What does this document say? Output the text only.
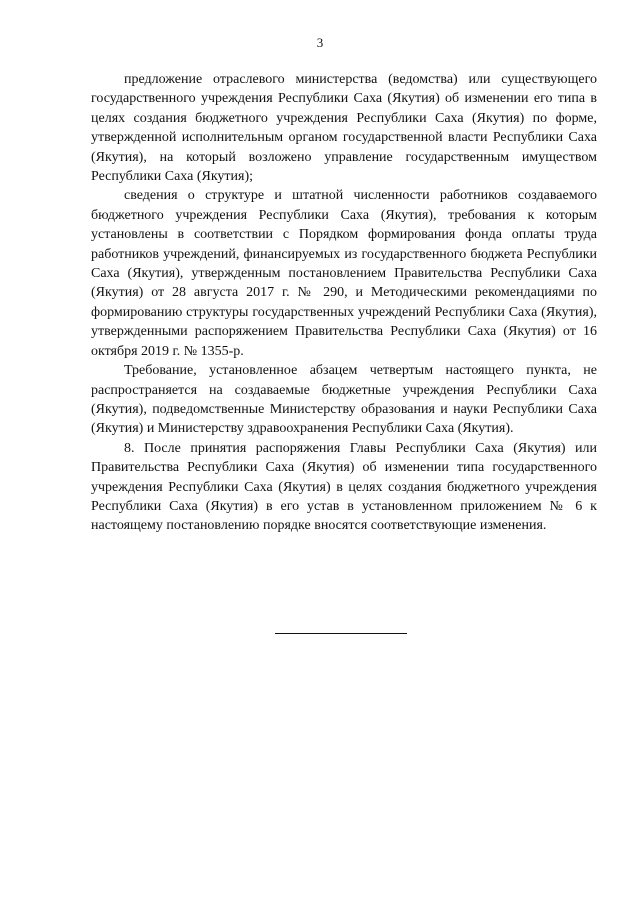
3

предложение отраслевого министерства (ведомства) или существующего государственного учреждения Республики Саха (Якутия) об изменении его типа в целях создания бюджетного учреждения Республики Саха (Якутия) по форме, утвержденной исполнительным органом государственной власти Республики Саха (Якутия), на который возложено управление государственным имуществом Республики Саха (Якутия);

сведения о структуре и штатной численности работников создаваемого бюджетного учреждения Республики Саха (Якутия), требования к которым установлены в соответствии с Порядком формирования фонда оплаты труда работников учреждений, финансируемых из государственного бюджета Республики Саха (Якутия), утвержденным постановлением Правительства Республики Саха (Якутия) от 28 августа 2017 г. № 290, и Методическими рекомендациями по формированию структуры государственных учреждений Республики Саха (Якутия), утвержденными распоряжением Правительства Республики Саха (Якутия) от 16 октября 2019 г. № 1355-р.

Требование, установленное абзацем четвертым настоящего пункта, не распространяется на создаваемые бюджетные учреждения Республики Саха (Якутия), подведомственные Министерству образования и науки Республики Саха (Якутия) и Министерству здравоохранения Республики Саха (Якутия).

8. После принятия распоряжения Главы Республики Саха (Якутия) или Правительства Республики Саха (Якутия) об изменении типа государственного учреждения Республики Саха (Якутия) в целях создания бюджетного учреждения Республики Саха (Якутия) в его устав в установленном приложением № 6 к настоящему постановлению порядке вносятся соответствующие изменения.
